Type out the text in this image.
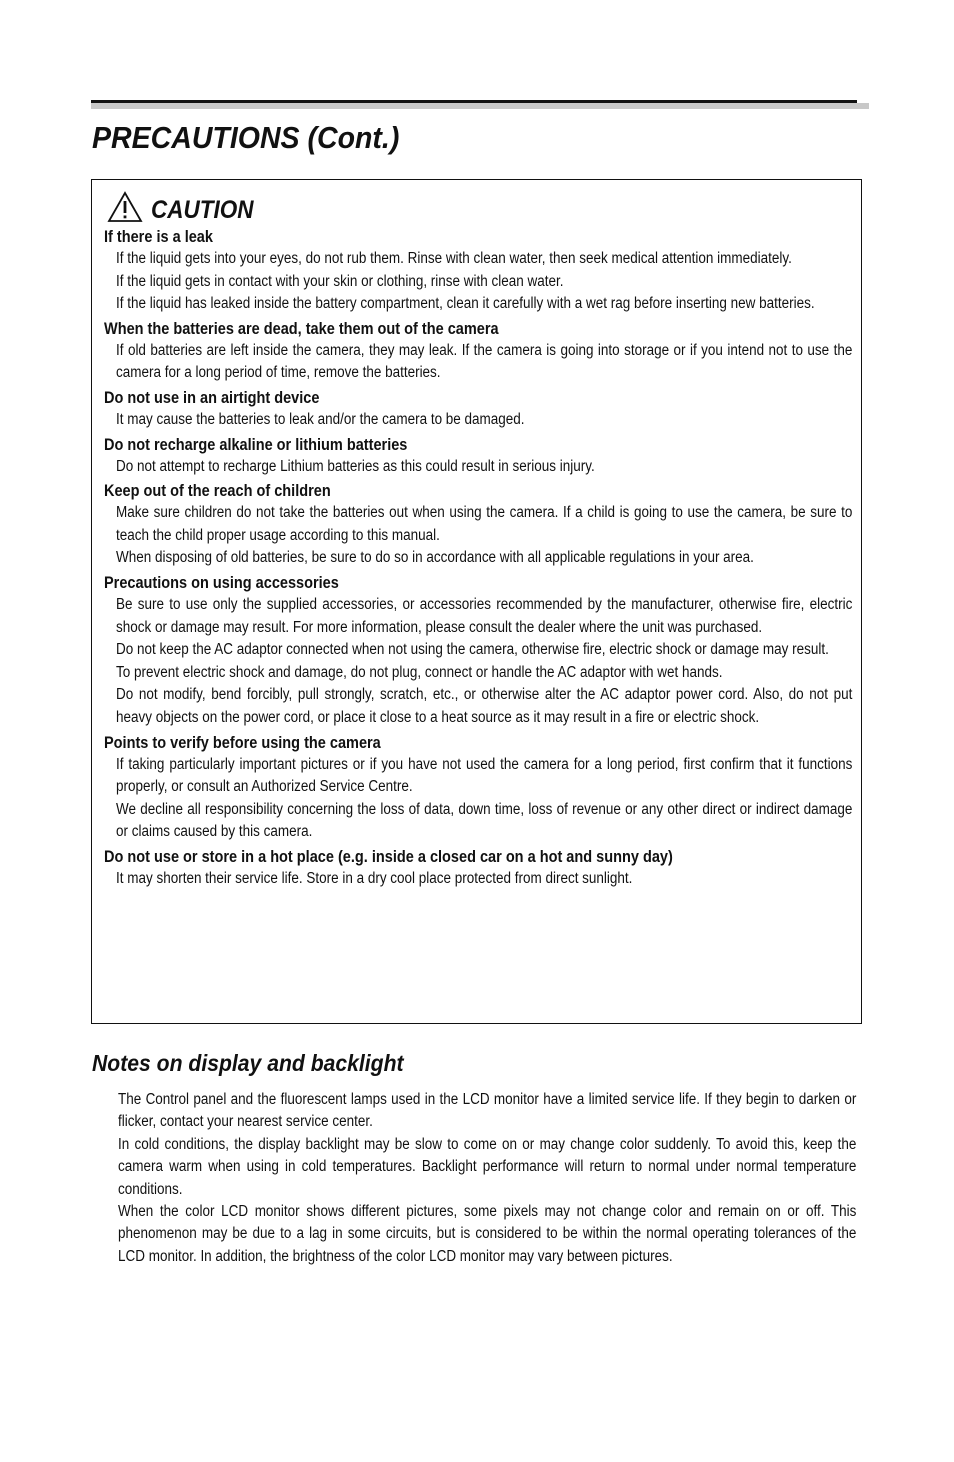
PRECAUTIONS (Cont.)
CAUTION
If there is a leak

If the liquid gets into your eyes, do not rub them. Rinse with clean water, then seek medical attention immediately.

If the liquid gets in contact with your skin or clothing, rinse with clean water.

If the liquid has leaked inside the battery compartment, clean it carefully with a wet rag before inserting new batteries.

When the batteries are dead, take them out of the camera

If old batteries are left inside the camera, they may leak. If the camera is going into storage or if you intend not to use the camera for a long period of time, remove the batteries.

Do not use in an airtight device

It may cause the batteries to leak and/or the camera to be damaged.

Do not recharge alkaline or lithium batteries

Do not attempt to recharge Lithium batteries as this could result in serious injury.

Keep out of the reach of children

Make sure children do not take the batteries out when using the camera. If a child is going to use the camera, be sure to teach the child proper usage according to this manual.

When disposing of old batteries, be sure to do so in accordance with all applicable regulations in your area.

Precautions on using accessories

Be sure to use only the supplied accessories, or accessories recommended by the manufacturer, otherwise fire, electric shock or damage may result. For more information, please consult the dealer where the unit was purchased.

Do not keep the AC adaptor connected when not using the camera, otherwise fire, electric shock or damage may result.

To prevent electric shock and damage, do not plug, connect or handle the AC adaptor with wet hands.

Do not modify, bend forcibly, pull strongly, scratch, etc., or otherwise alter the AC adaptor power cord. Also, do not put heavy objects on the power cord, or place it close to a heat source as it may result in a fire or electric shock.

Points to verify before using the camera

If taking particularly important pictures or if you have not used the camera for a long period, first confirm that it functions properly, or consult an Authorized Service Centre.

We decline all responsibility concerning the loss of data, down time, loss of revenue or any other direct or indirect damage or claims caused by this camera.

Do not use or store in a hot place (e.g. inside a closed car on a hot and sunny day)

It may shorten their service life. Store in a dry cool place protected from direct sunlight.

Notes on display and backlight

The Control panel and the fluorescent lamps used in the LCD monitor have a limited service life. If they begin to darken or flicker, contact your nearest service center.

In cold conditions, the display backlight may be slow to come on or may change color suddenly. To avoid this, keep the camera warm when using in cold temperatures. Backlight performance will return to normal under normal temperature conditions.

When the color LCD monitor shows different pictures, some pixels may not change color and remain on or off. This phenomenon may be due to a lag in some circuits, but is considered to be within the normal operating tolerances of the LCD monitor. In addition, the brightness of the color LCD monitor may vary between pictures.
